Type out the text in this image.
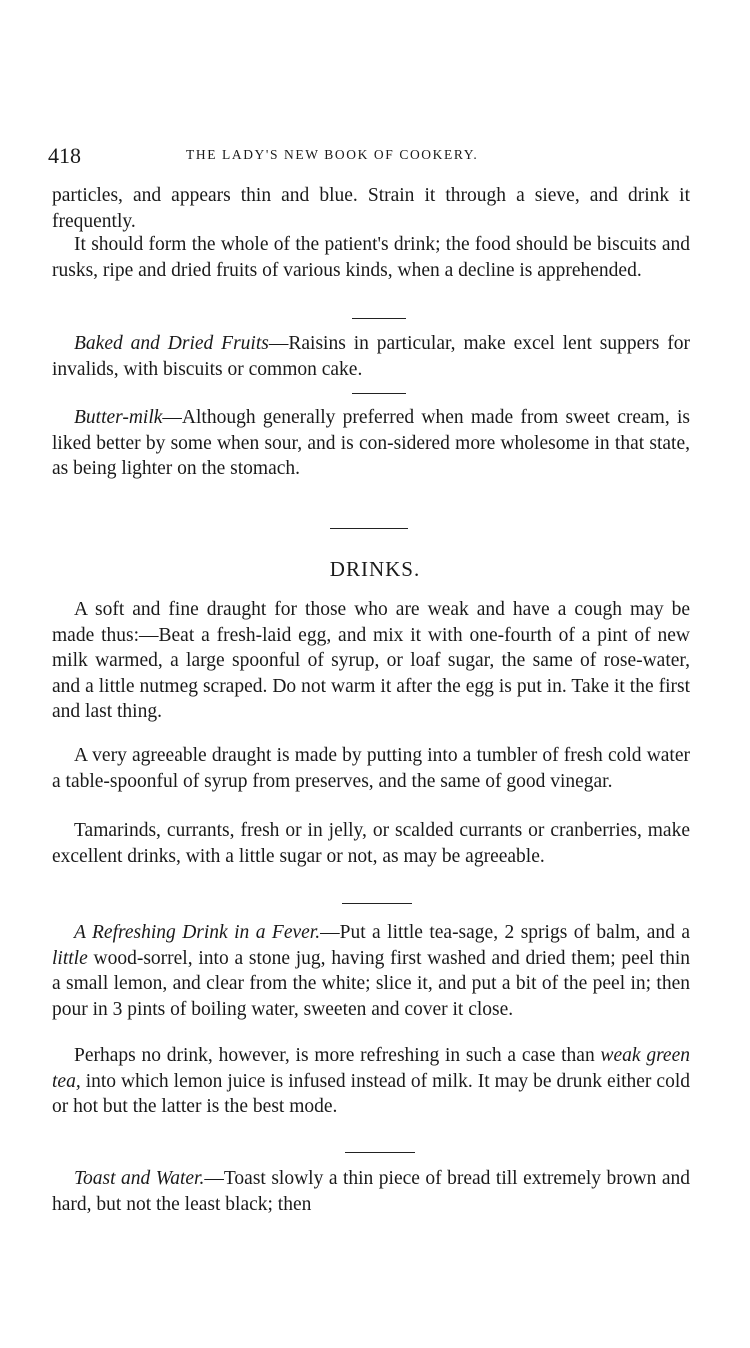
418	THE LADY'S NEW BOOK OF COOKERY.
particles, and appears thin and blue. Strain it through a sieve, and drink it frequently.
It should form the whole of the patient's drink; the food should be biscuits and rusks, ripe and dried fruits of various kinds, when a decline is apprehended.
Baked and Dried Fruits—Raisins in particular, make excel lent suppers for invalids, with biscuits or common cake.
Butter-milk—Although generally preferred when made from sweet cream, is liked better by some when sour, and is con-sidered more wholesome in that state, as being lighter on the stomach.
DRINKS.
A soft and fine draught for those who are weak and have a cough may be made thus:—Beat a fresh-laid egg, and mix it with one-fourth of a pint of new milk warmed, a large spoonful of syrup, or loaf sugar, the same of rose-water, and a little nutmeg scraped. Do not warm it after the egg is put in. Take it the first and last thing.
A very agreeable draught is made by putting into a tumbler of fresh cold water a table-spoonful of syrup from preserves, and the same of good vinegar.
Tamarinds, currants, fresh or in jelly, or scalded currants or cranberries, make excellent drinks, with a little sugar or not, as may be agreeable.
A Refreshing Drink in a Fever.—Put a little tea-sage, 2 sprigs of balm, and a little wood-sorrel, into a stone jug, having first washed and dried them; peel thin a small lemon, and clear from the white; slice it, and put a bit of the peel in; then pour in 3 pints of boiling water, sweeten and cover it close.
Perhaps no drink, however, is more refreshing in such a case than weak green tea, into which lemon juice is infused instead of milk. It may be drunk either cold or hot but the latter is the best mode.
Toast and Water.—Toast slowly a thin piece of bread till extremely brown and hard, but not the least black; then
